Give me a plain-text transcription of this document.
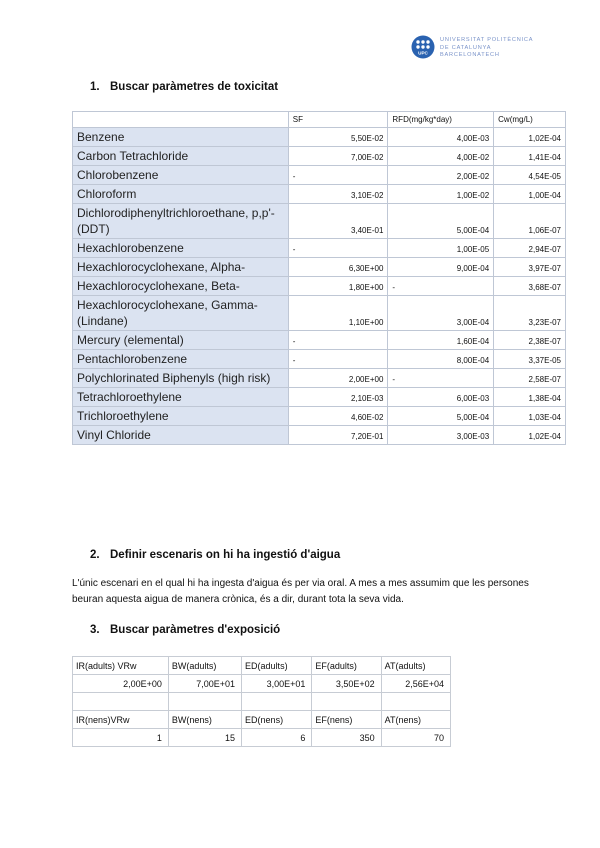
UPC
UNIVERSITAT POLITÈCNICA
DE CATALUNYA
BARCELONATECH
1. Buscar paràmetres de toxicitat
	SF	RFD(mg/kg*day)	Cw(mg/L)
Benzene	5,50E-02	4,00E-03	1,02E-04
Carbon Tetrachloride	7,00E-02	4,00E-02	1,41E-04
Chlorobenzene	-	2,00E-02	4,54E-05
Chloroform	3,10E-02	1,00E-02	1,00E-04
Dichlorodiphenyltrichloroethane, p,p'- (DDT)	3,40E-01	5,00E-04	1,06E-07
Hexachlorobenzene	-	1,00E-05	2,94E-07
Hexachlorocyclohexane, Alpha-	6,30E+00	9,00E-04	3,97E-07
Hexachlorocyclohexane, Beta-	1,80E+00	-	3,68E-07
Hexachlorocyclohexane, Gamma- (Lindane)	1,10E+00	3,00E-04	3,23E-07
Mercury (elemental)	-	1,60E-04	2,38E-07
Pentachlorobenzene	-	8,00E-04	3,37E-05
Polychlorinated Biphenyls (high risk)	2,00E+00	-	2,58E-07
Tetrachloroethylene	2,10E-03	6,00E-03	1,38E-04
Trichloroethylene	4,60E-02	5,00E-04	1,03E-04
Vinyl Chloride	7,20E-01	3,00E-03	1,02E-04
2. Definir escenaris on hi ha ingestió d'aigua

L'únic escenari en el qual hi ha ingesta d'aigua és per via oral. A mes a mes assumim que les persones beuran aquesta aigua de manera crònica, és a dir, durant tota la seva vida.

3. Buscar paràmetres d'exposició
IR(adults) VRw	BW(adults)	ED(adults)	EF(adults)	AT(adults)
2,00E+00	7,00E+01	3,00E+01	3,50E+02	2,56E+04

IR(nens)VRw	BW(nens)	ED(nens)	EF(nens)	AT(nens)
1	15	6	350	70
